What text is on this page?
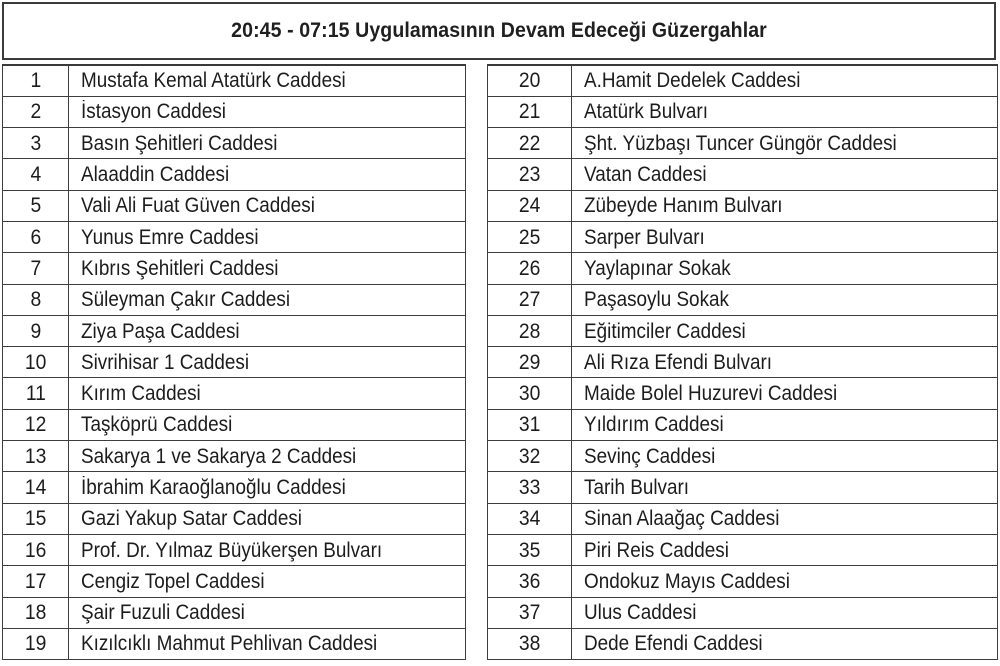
20:45 - 07:15 Uygulamasının Devam Edeceği Güzergahlar
1	Mustafa Kemal Atatürk Caddesi
2	İstasyon Caddesi
3	Basın Şehitleri Caddesi
4	Alaaddin Caddesi
5	Vali Ali Fuat Güven Caddesi
6	Yunus Emre Caddesi
7	Kıbrıs Şehitleri Caddesi
8	Süleyman Çakır Caddesi
9	Ziya Paşa Caddesi
10	Sivrihisar 1 Caddesi
11	Kırım Caddesi
12	Taşköprü Caddesi
13	Sakarya 1 ve Sakarya 2 Caddesi
14	İbrahim Karaoğlanoğlu Caddesi
15	Gazi Yakup Satar Caddesi
16	Prof. Dr. Yılmaz Büyükerşen Bulvarı
17	Cengiz Topel Caddesi
18	Şair Fuzuli Caddesi
19	Kızılcıklı Mahmut Pehlivan Caddesi
20	A.Hamit Dedelek Caddesi
21	Atatürk Bulvarı
22	Şht. Yüzbaşı Tuncer Güngör Caddesi
23	Vatan Caddesi
24	Zübeyde Hanım Bulvarı
25	Sarper Bulvarı
26	Yaylapınar Sokak
27	Paşasoylu Sokak
28	Eğitimciler Caddesi
29	Ali Rıza Efendi Bulvarı
30	Maide Bolel Huzurevi Caddesi
31	Yıldırım Caddesi
32	Sevinç Caddesi
33	Tarih Bulvarı
34	Sinan Alaağaç Caddesi
35	Piri Reis Caddesi
36	Ondokuz Mayıs Caddesi
37	Ulus Caddesi
38	Dede Efendi Caddesi
